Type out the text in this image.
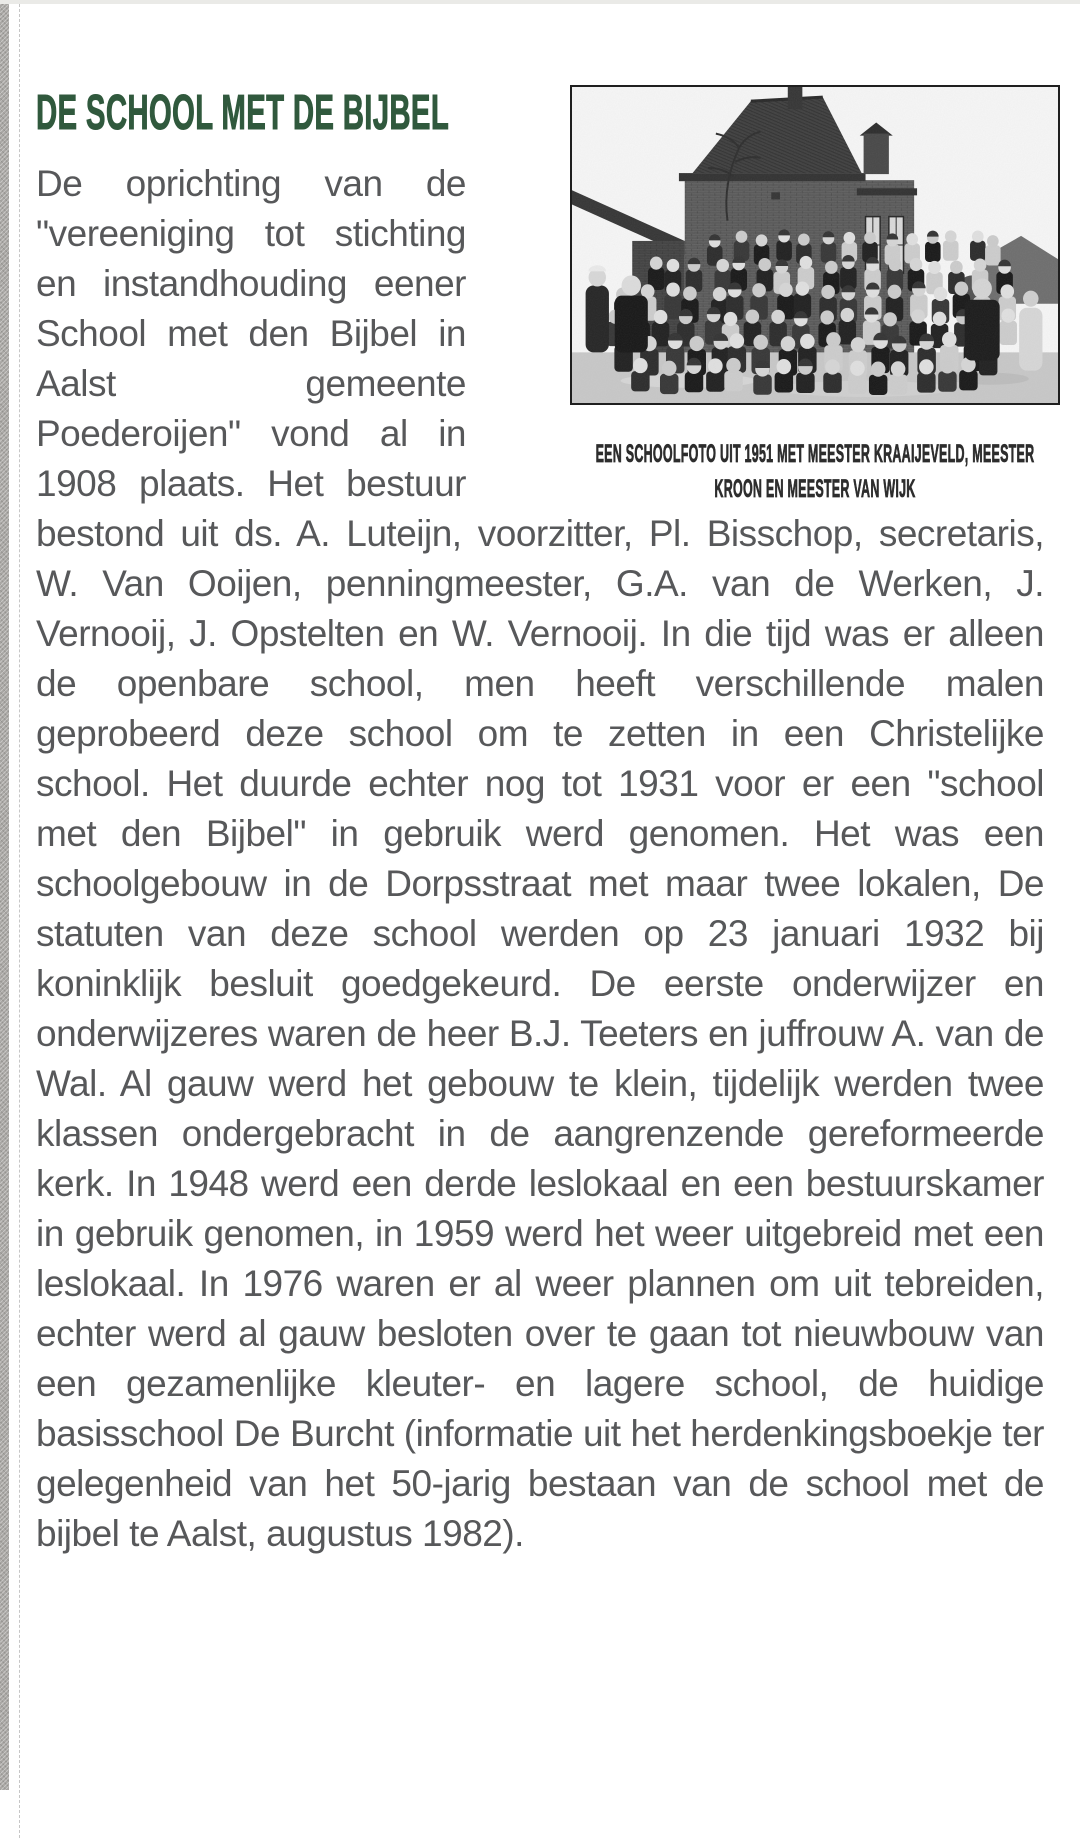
EEN SCHOOLFOTO UIT 1951 MET MEESTER KRAAIJEVELD, MEESTER KROON EN MEESTER VAN WIJK
DE SCHOOL MET DE BIJBEL

De oprichting van de "vereeniging tot stichting en instandhouding eener School met den Bijbel in Aalst gemeente Poederoijen" vond al in 1908 plaats. Het bestuur bestond uit ds. A. Luteijn, voorzitter, Pl. Bisschop, secretaris, W. Van Ooijen, penningmeester, G.A. van de Werken, J. Vernooij, J. Opstelten en W. Vernooij. In die tijd was er alleen de openbare school, men heeft verschillende malen geprobeerd deze school om te zetten in een Christelijke school. Het duurde echter nog tot 1931 voor er een "school met den Bijbel" in gebruik werd genomen. Het was een schoolgebouw in de Dorpsstraat met maar twee lokalen, De statuten van deze school werden op 23 januari 1932 bij koninklijk besluit goedgekeurd. De eerste onderwijzer en onderwijzeres waren de heer B.J. Teeters en juffrouw A. van de Wal. Al gauw werd het gebouw te klein, tijdelijk werden twee klassen ondergebracht in de aangrenzende gereformeerde kerk. In 1948 werd een derde leslokaal en een bestuurskamer in gebruik genomen, in 1959 werd het weer uitgebreid met een leslokaal. In 1976 waren er al weer plannen om uit tebreiden, echter werd al gauw besloten over te gaan tot nieuwbouw van een gezamenlijke kleuter- en lagere school, de huidige basisschool De Burcht (informatie uit het herdenkingsboekje ter gelegenheid van het 50-jarig bestaan van de school met de bijbel te Aalst, augustus 1982).
